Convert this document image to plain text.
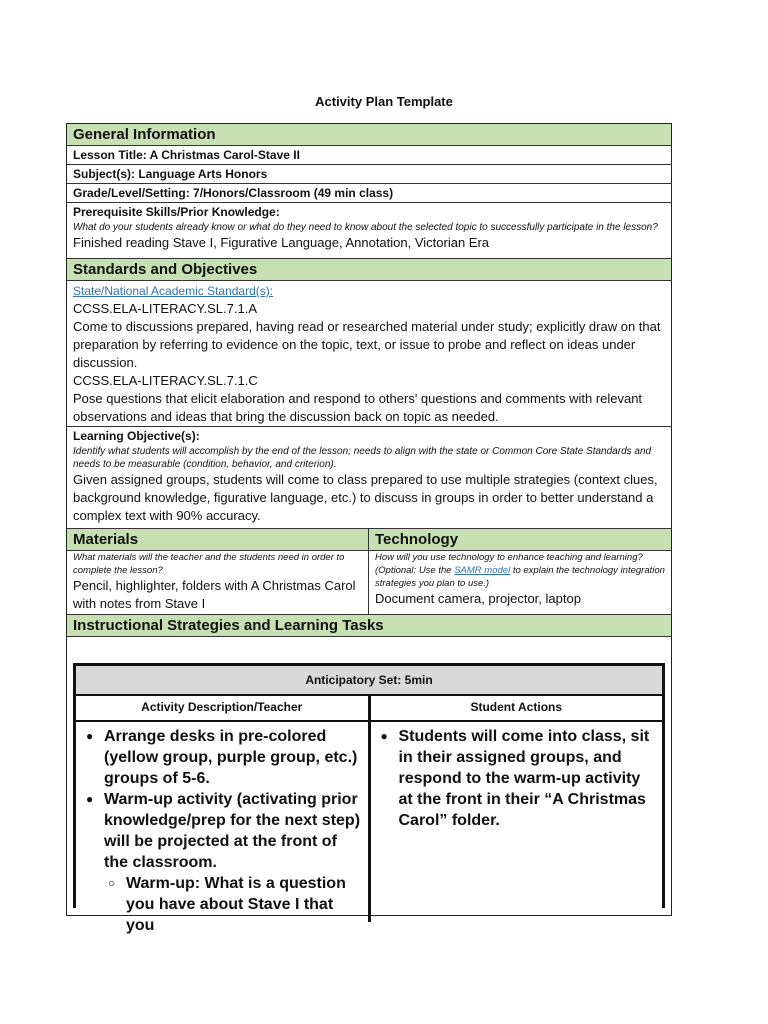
Activity Plan Template
General Information
Lesson Title: A Christmas Carol-Stave II
Subject(s): Language Arts Honors
Grade/Level/Setting: 7/Honors/Classroom (49 min class)
Prerequisite Skills/Prior Knowledge:
What do your students already know or what do they need to know about the selected topic to successfully participate in the lesson?
Finished reading Stave I, Figurative Language, Annotation, Victorian Era
Standards and Objectives
State/National Academic Standard(s):
CCSS.ELA-LITERACY.SL.7.1.A
Come to discussions prepared, having read or researched material under study; explicitly draw on that preparation by referring to evidence on the topic, text, or issue to probe and reflect on ideas under discussion.
CCSS.ELA-LITERACY.SL.7.1.C
Pose questions that elicit elaboration and respond to others' questions and comments with relevant observations and ideas that bring the discussion back on topic as needed.
Learning Objective(s):
Identify what students will accomplish by the end of the lesson; needs to align with the state or Common Core State Standards and needs to be measurable (condition, behavior, and criterion).
Given assigned groups, students will come to class prepared to use multiple strategies (context clues, background knowledge, figurative language, etc.) to discuss in groups in order to better understand a complex text with 90% accuracy.
Materials	Technology
What materials will the teacher and the students need in order to complete the lesson?
Pencil, highlighter, folders with A Christmas Carol with notes from Stave I
How will you use technology to enhance teaching and learning? (Optional: Use the SAMR model to explain the technology integration strategies you plan to use.)
Document camera, projector, laptop
Instructional Strategies and Learning Tasks
Anticipatory Set: 5min
Activity Description/Teacher	Student Actions
● Arrange desks in pre-colored (yellow group, purple group, etc.) groups of 5-6.
● Warm-up activity (activating prior knowledge/prep for the next step) will be projected at the front of the classroom.
○ Warm-up: What is a question you have about Stave I that you
● Students will come into class, sit in their assigned groups, and respond to the warm-up activity at the front in their “A Christmas Carol” folder.
